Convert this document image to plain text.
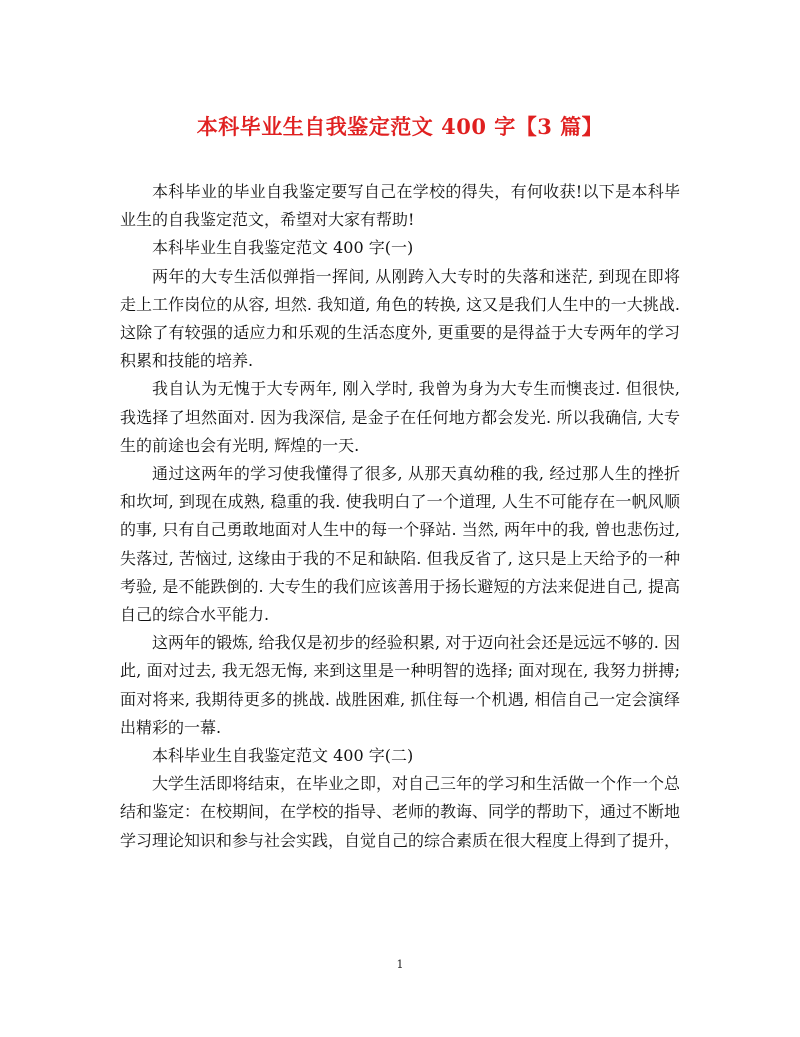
本科毕业生自我鉴定范文 400 字【3 篇】

本科毕业的毕业自我鉴定要写自己在学校的得失，有何收获!以下是本科毕业生的自我鉴定范文，希望对大家有帮助!

本科毕业生自我鉴定范文 400 字(一)

两年的大专生活似弹指一挥间, 从刚跨入大专时的失落和迷茫, 到现在即将走上工作岗位的从容, 坦然. 我知道, 角色的转换, 这又是我们人生中的一大挑战. 这除了有较强的适应力和乐观的生活态度外, 更重要的是得益于大专两年的学习积累和技能的培养.

我自认为无愧于大专两年, 刚入学时, 我曾为身为大专生而懊丧过. 但很快, 我选择了坦然面对. 因为我深信, 是金子在任何地方都会发光. 所以我确信, 大专生的前途也会有光明, 辉煌的一天.

通过这两年的学习使我懂得了很多, 从那天真幼稚的我, 经过那人生的挫折和坎坷, 到现在成熟, 稳重的我. 使我明白了一个道理, 人生不可能存在一帆风顺的事, 只有自己勇敢地面对人生中的每一个驿站. 当然, 两年中的我, 曾也悲伤过, 失落过, 苦恼过, 这缘由于我的不足和缺陷. 但我反省了, 这只是上天给予的一种考验, 是不能跌倒的. 大专生的我们应该善用于扬长避短的方法来促进自己, 提高自己的综合水平能力.

这两年的锻炼, 给我仅是初步的经验积累, 对于迈向社会还是远远不够的. 因此, 面对过去, 我无怨无悔, 来到这里是一种明智的选择; 面对现在, 我努力拼搏; 面对将来, 我期待更多的挑战. 战胜困难, 抓住每一个机遇, 相信自己一定会演绎出精彩的一幕.

本科毕业生自我鉴定范文 400 字(二)

大学生活即将结束，在毕业之即，对自己三年的学习和生活做一个作一个总结和鉴定：在校期间，在学校的指导、老师的教诲、同学的帮助下，通过不断地学习理论知识和参与社会实践，自觉自己的综合素质在很大程度上得到了提升，

1
